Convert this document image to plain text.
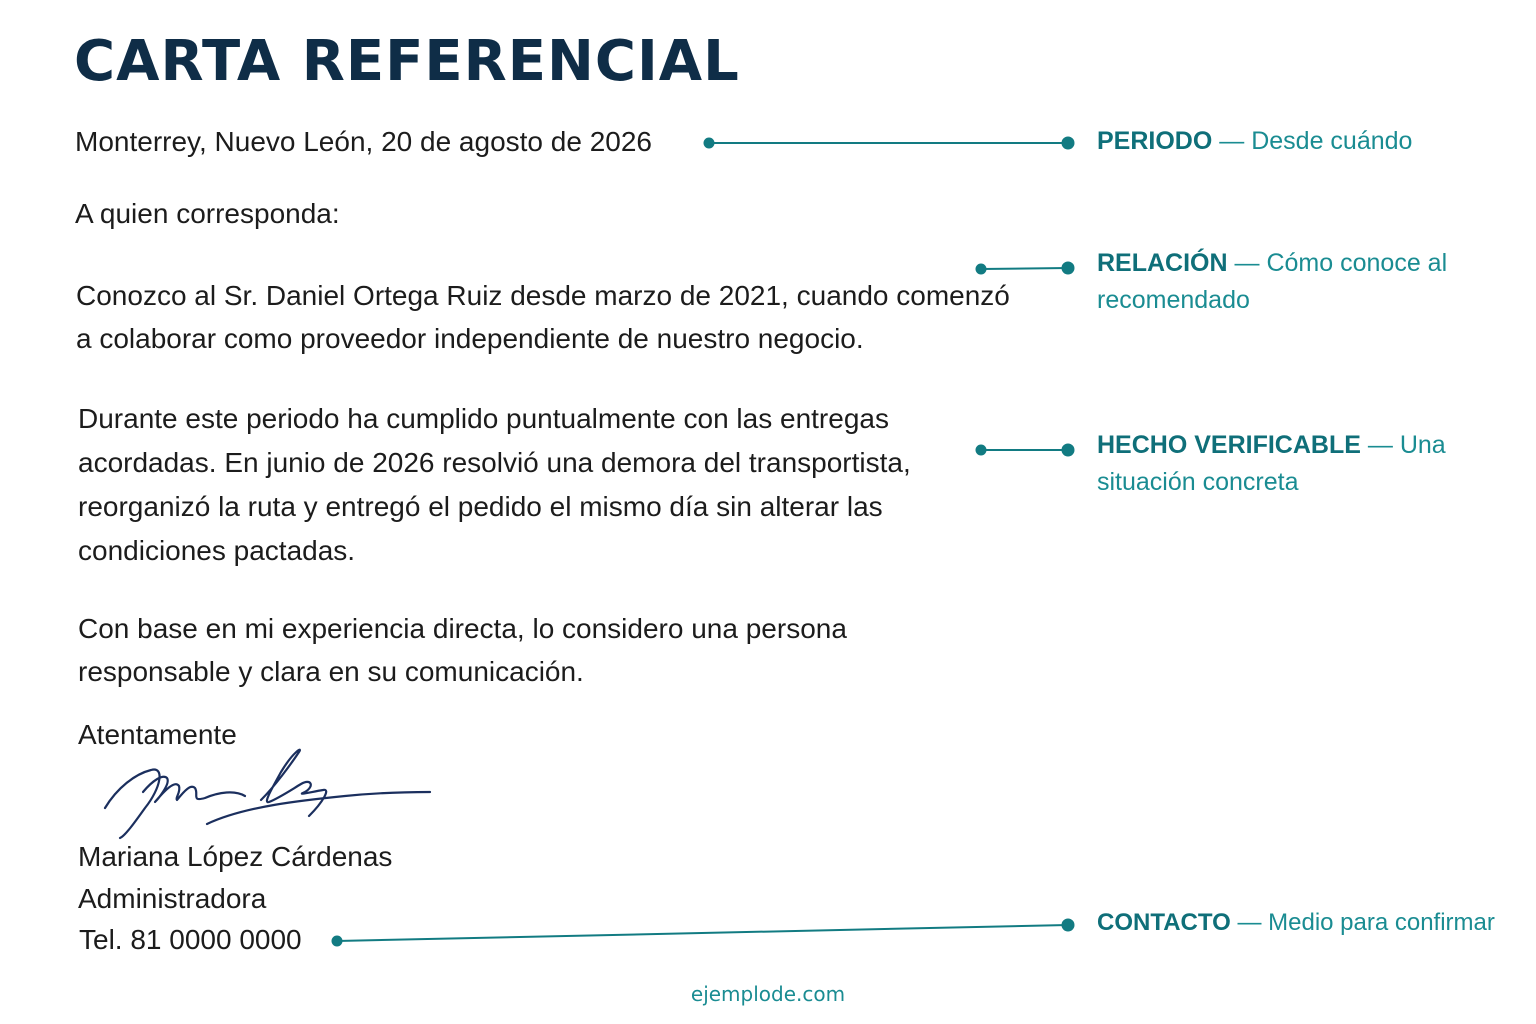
CARTA REFERENCIAL

Monterrey, Nuevo León, 20 de agosto de 2026

A quien corresponda:

Conozco al Sr. Daniel Ortega Ruiz desde marzo de 2021, cuando comenzó a colaborar como proveedor independiente de nuestro negocio.

Durante este periodo ha cumplido puntualmente con las entregas acordadas. En junio de 2026 resolvió una demora del transportista, reorganizó la ruta y entregó el pedido el mismo día sin alterar las condiciones pactadas.

Con base en mi experiencia directa, lo considero una persona responsable y clara en su comunicación.

Atentamente

Mariana López Cárdenas

Administradora

Tel. 81 0000 0000

PERIODO — Desde cuándo

RELACIÓN — Cómo conoce al recomendado

HECHO VERIFICABLE — Una situación concreta

CONTACTO — Medio para confirmar

ejemplode.com
